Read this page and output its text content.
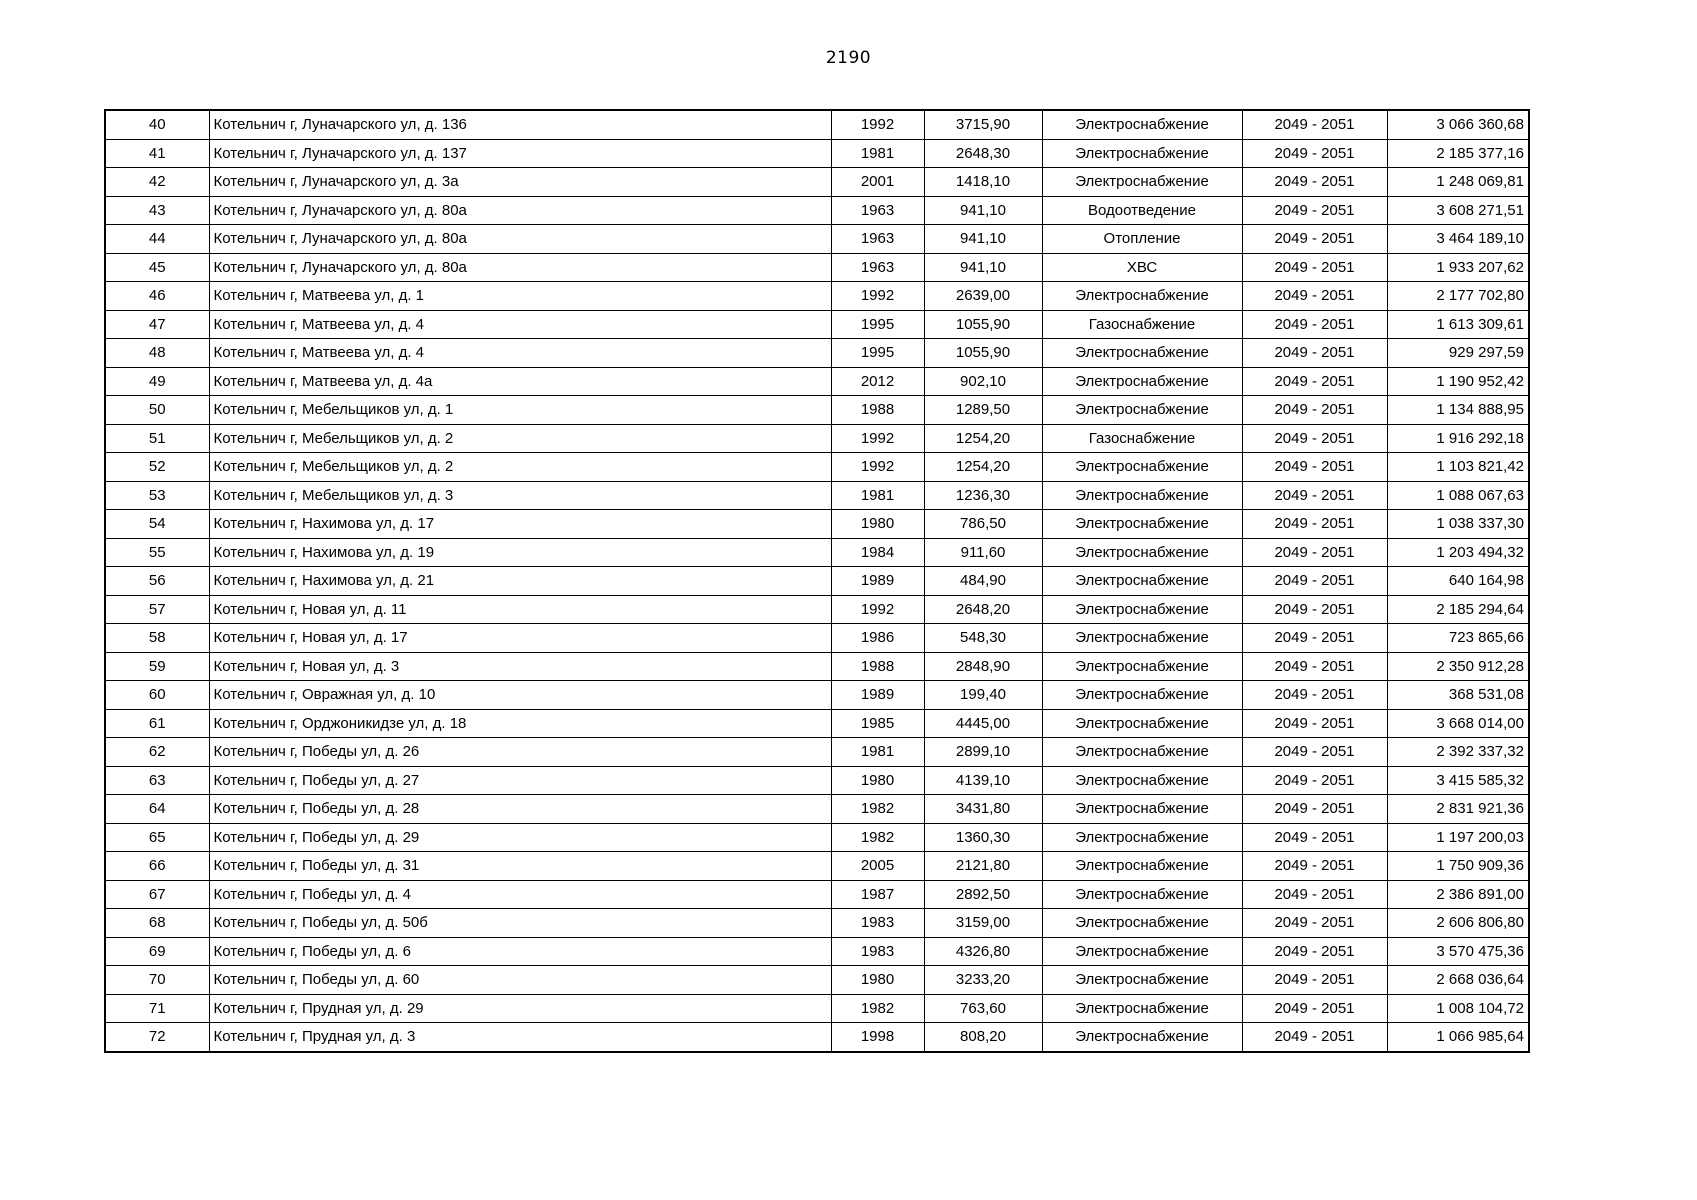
2190
40	Котельнич г, Луначарского ул, д. 136	1992	3715,90	Электроснабжение	2049 - 2051	3 066 360,68
41	Котельнич г, Луначарского ул, д. 137	1981	2648,30	Электроснабжение	2049 - 2051	2 185 377,16
42	Котельнич г, Луначарского ул, д. 3а	2001	1418,10	Электроснабжение	2049 - 2051	1 248 069,81
43	Котельнич г, Луначарского ул, д. 80а	1963	941,10	Водоотведение	2049 - 2051	3 608 271,51
44	Котельнич г, Луначарского ул, д. 80а	1963	941,10	Отопление	2049 - 2051	3 464 189,10
45	Котельнич г, Луначарского ул, д. 80а	1963	941,10	ХВС	2049 - 2051	1 933 207,62
46	Котельнич г, Матвеева ул, д. 1	1992	2639,00	Электроснабжение	2049 - 2051	2 177 702,80
47	Котельнич г, Матвеева ул, д. 4	1995	1055,90	Газоснабжение	2049 - 2051	1 613 309,61
48	Котельнич г, Матвеева ул, д. 4	1995	1055,90	Электроснабжение	2049 - 2051	929 297,59
49	Котельнич г, Матвеева ул, д. 4а	2012	902,10	Электроснабжение	2049 - 2051	1 190 952,42
50	Котельнич г, Мебельщиков ул, д. 1	1988	1289,50	Электроснабжение	2049 - 2051	1 134 888,95
51	Котельнич г, Мебельщиков ул, д. 2	1992	1254,20	Газоснабжение	2049 - 2051	1 916 292,18
52	Котельнич г, Мебельщиков ул, д. 2	1992	1254,20	Электроснабжение	2049 - 2051	1 103 821,42
53	Котельнич г, Мебельщиков ул, д. 3	1981	1236,30	Электроснабжение	2049 - 2051	1 088 067,63
54	Котельнич г, Нахимова ул, д. 17	1980	786,50	Электроснабжение	2049 - 2051	1 038 337,30
55	Котельнич г, Нахимова ул, д. 19	1984	911,60	Электроснабжение	2049 - 2051	1 203 494,32
56	Котельнич г, Нахимова ул, д. 21	1989	484,90	Электроснабжение	2049 - 2051	640 164,98
57	Котельнич г, Новая ул, д. 11	1992	2648,20	Электроснабжение	2049 - 2051	2 185 294,64
58	Котельнич г, Новая ул, д. 17	1986	548,30	Электроснабжение	2049 - 2051	723 865,66
59	Котельнич г, Новая ул, д. 3	1988	2848,90	Электроснабжение	2049 - 2051	2 350 912,28
60	Котельнич г, Овражная ул, д. 10	1989	199,40	Электроснабжение	2049 - 2051	368 531,08
61	Котельнич г, Орджоникидзе ул, д. 18	1985	4445,00	Электроснабжение	2049 - 2051	3 668 014,00
62	Котельнич г, Победы ул, д. 26	1981	2899,10	Электроснабжение	2049 - 2051	2 392 337,32
63	Котельнич г, Победы ул, д. 27	1980	4139,10	Электроснабжение	2049 - 2051	3 415 585,32
64	Котельнич г, Победы ул, д. 28	1982	3431,80	Электроснабжение	2049 - 2051	2 831 921,36
65	Котельнич г, Победы ул, д. 29	1982	1360,30	Электроснабжение	2049 - 2051	1 197 200,03
66	Котельнич г, Победы ул, д. 31	2005	2121,80	Электроснабжение	2049 - 2051	1 750 909,36
67	Котельнич г, Победы ул, д. 4	1987	2892,50	Электроснабжение	2049 - 2051	2 386 891,00
68	Котельнич г, Победы ул, д. 50б	1983	3159,00	Электроснабжение	2049 - 2051	2 606 806,80
69	Котельнич г, Победы ул, д. 6	1983	4326,80	Электроснабжение	2049 - 2051	3 570 475,36
70	Котельнич г, Победы ул, д. 60	1980	3233,20	Электроснабжение	2049 - 2051	2 668 036,64
71	Котельнич г, Прудная ул, д. 29	1982	763,60	Электроснабжение	2049 - 2051	1 008 104,72
72	Котельнич г, Прудная ул, д. 3	1998	808,20	Электроснабжение	2049 - 2051	1 066 985,64
